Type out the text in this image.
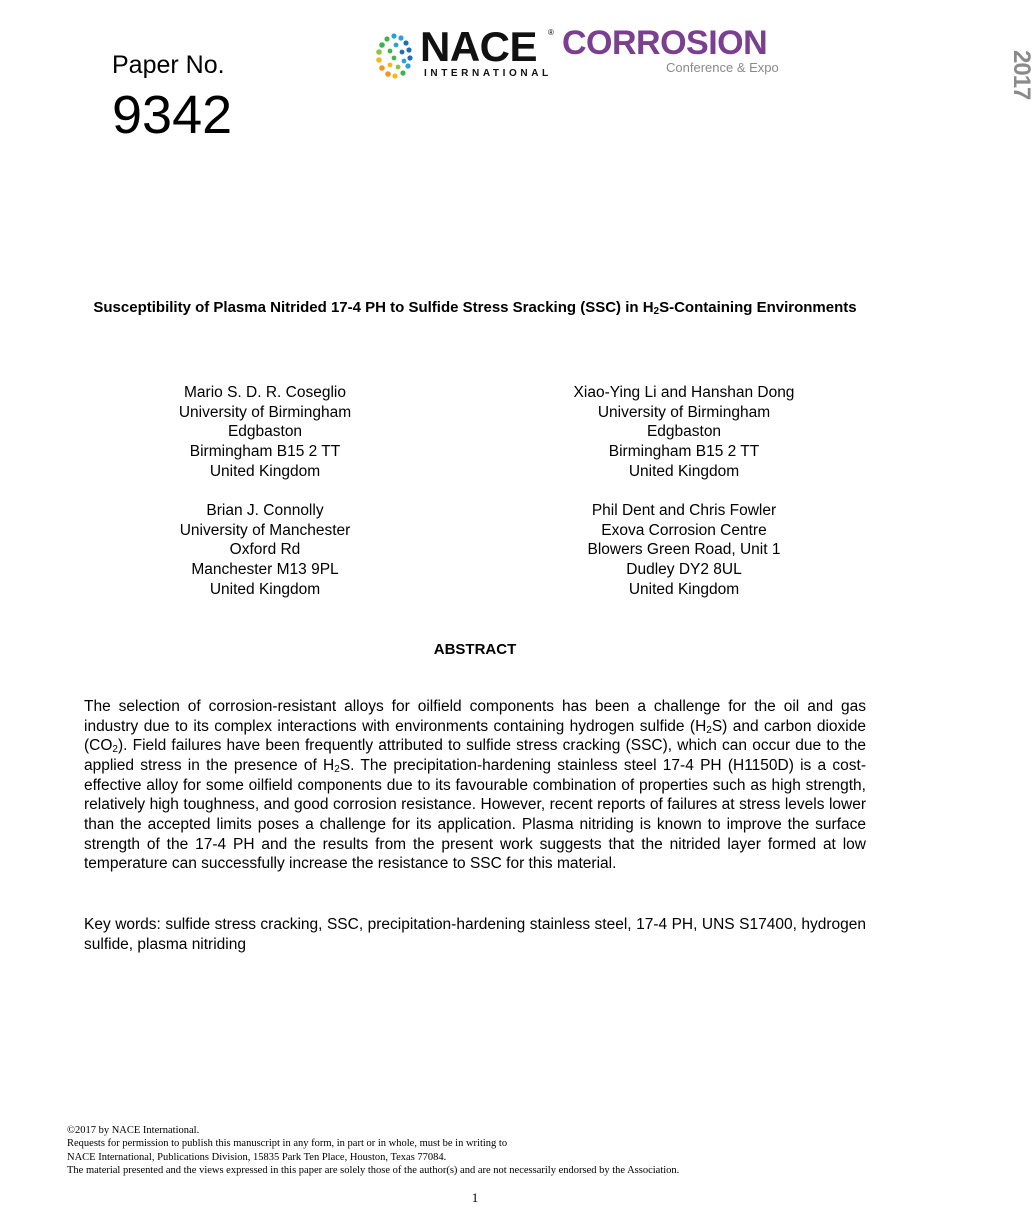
Paper No.
9342
NACE ®
INTERNATIONAL
CORROSION
Conference & Expo	2017
Susceptibility of Plasma Nitrided 17-4 PH to Sulfide Stress Sracking (SSC) in $H_2S$-Containing Environments
Mario S. D. R. Coseglio
University of Birmingham
Edgbaston
Birmingham B15 2 TT
United Kingdom
Xiao-Ying Li and Hanshan Dong
University of Birmingham
Edgbaston
Birmingham B15 2 TT
United Kingdom
Brian J. Connolly
University of Manchester
Oxford Rd
Manchester M13 9PL
United Kingdom
Phil Dent and Chris Fowler
Exova Corrosion Centre
Blowers Green Road, Unit 1
Dudley DY2 8UL
United Kingdom
ABSTRACT
The selection of corrosion-resistant alloys for oilfield components has been a challenge for the oil and gas industry due to its complex interactions with environments containing hydrogen sulfide $(H_2S)$ and carbon dioxide $(CO_2)$. Field failures have been frequently attributed to sulfide stress cracking (SSC), which can occur due to the applied stress in the presence of $H_2S$. The precipitation-hardening stainless steel 17-4 PH (H1150D) is a cost-effective alloy for some oilfield components due to its favourable combination of properties such as high strength, relatively high toughness, and good corrosion resistance. However, recent reports of failures at stress levels lower than the accepted limits poses a challenge for its application. Plasma nitriding is known to improve the surface strength of the 17-4 PH and the results from the present work suggests that the nitrided layer formed at low temperature can successfully increase the resistance to SSC for this material.
Key words: sulfide stress cracking, SSC, precipitation-hardening stainless steel, 17-4 PH, UNS S17400, hydrogen sulfide, plasma nitriding
©2017 by NACE International.
Requests for permission to publish this manuscript in any form, in part or in whole, must be in writing to
NACE International, Publications Division, 15835 Park Ten Place, Houston, Texas 77084.
The material presented and the views expressed in this paper are solely those of the author(s) and are not necessarily endorsed by the Association.
1
